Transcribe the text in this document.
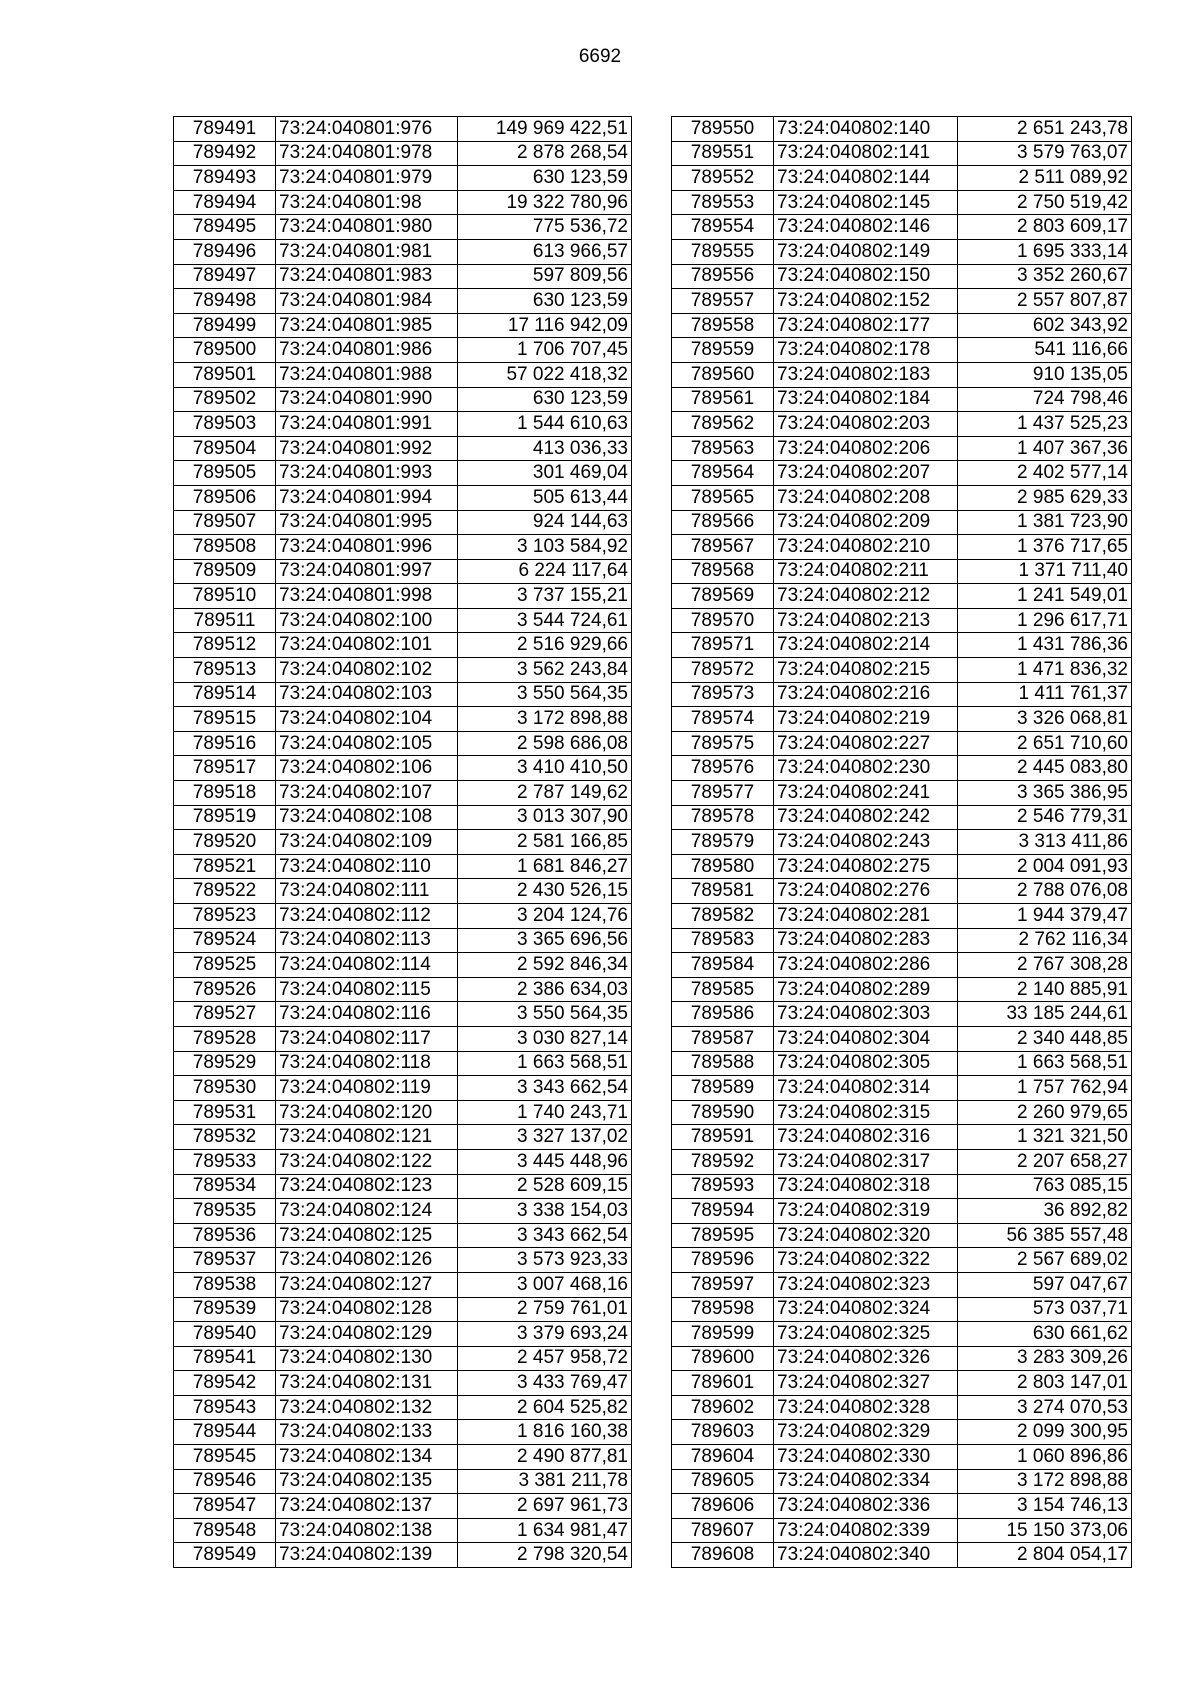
6692
789491	73:24:040801:976	149 969 422,51
789492	73:24:040801:978	2 878 268,54
789493	73:24:040801:979	630 123,59
789494	73:24:040801:98	19 322 780,96
789495	73:24:040801:980	775 536,72
789496	73:24:040801:981	613 966,57
789497	73:24:040801:983	597 809,56
789498	73:24:040801:984	630 123,59
789499	73:24:040801:985	17 116 942,09
789500	73:24:040801:986	1 706 707,45
789501	73:24:040801:988	57 022 418,32
789502	73:24:040801:990	630 123,59
789503	73:24:040801:991	1 544 610,63
789504	73:24:040801:992	413 036,33
789505	73:24:040801:993	301 469,04
789506	73:24:040801:994	505 613,44
789507	73:24:040801:995	924 144,63
789508	73:24:040801:996	3 103 584,92
789509	73:24:040801:997	6 224 117,64
789510	73:24:040801:998	3 737 155,21
789511	73:24:040802:100	3 544 724,61
789512	73:24:040802:101	2 516 929,66
789513	73:24:040802:102	3 562 243,84
789514	73:24:040802:103	3 550 564,35
789515	73:24:040802:104	3 172 898,88
789516	73:24:040802:105	2 598 686,08
789517	73:24:040802:106	3 410 410,50
789518	73:24:040802:107	2 787 149,62
789519	73:24:040802:108	3 013 307,90
789520	73:24:040802:109	2 581 166,85
789521	73:24:040802:110	1 681 846,27
789522	73:24:040802:111	2 430 526,15
789523	73:24:040802:112	3 204 124,76
789524	73:24:040802:113	3 365 696,56
789525	73:24:040802:114	2 592 846,34
789526	73:24:040802:115	2 386 634,03
789527	73:24:040802:116	3 550 564,35
789528	73:24:040802:117	3 030 827,14
789529	73:24:040802:118	1 663 568,51
789530	73:24:040802:119	3 343 662,54
789531	73:24:040802:120	1 740 243,71
789532	73:24:040802:121	3 327 137,02
789533	73:24:040802:122	3 445 448,96
789534	73:24:040802:123	2 528 609,15
789535	73:24:040802:124	3 338 154,03
789536	73:24:040802:125	3 343 662,54
789537	73:24:040802:126	3 573 923,33
789538	73:24:040802:127	3 007 468,16
789539	73:24:040802:128	2 759 761,01
789540	73:24:040802:129	3 379 693,24
789541	73:24:040802:130	2 457 958,72
789542	73:24:040802:131	3 433 769,47
789543	73:24:040802:132	2 604 525,82
789544	73:24:040802:133	1 816 160,38
789545	73:24:040802:134	2 490 877,81
789546	73:24:040802:135	3 381 211,78
789547	73:24:040802:137	2 697 961,73
789548	73:24:040802:138	1 634 981,47
789549	73:24:040802:139	2 798 320,54
789550	73:24:040802:140	2 651 243,78
789551	73:24:040802:141	3 579 763,07
789552	73:24:040802:144	2 511 089,92
789553	73:24:040802:145	2 750 519,42
789554	73:24:040802:146	2 803 609,17
789555	73:24:040802:149	1 695 333,14
789556	73:24:040802:150	3 352 260,67
789557	73:24:040802:152	2 557 807,87
789558	73:24:040802:177	602 343,92
789559	73:24:040802:178	541 116,66
789560	73:24:040802:183	910 135,05
789561	73:24:040802:184	724 798,46
789562	73:24:040802:203	1 437 525,23
789563	73:24:040802:206	1 407 367,36
789564	73:24:040802:207	2 402 577,14
789565	73:24:040802:208	2 985 629,33
789566	73:24:040802:209	1 381 723,90
789567	73:24:040802:210	1 376 717,65
789568	73:24:040802:211	1 371 711,40
789569	73:24:040802:212	1 241 549,01
789570	73:24:040802:213	1 296 617,71
789571	73:24:040802:214	1 431 786,36
789572	73:24:040802:215	1 471 836,32
789573	73:24:040802:216	1 411 761,37
789574	73:24:040802:219	3 326 068,81
789575	73:24:040802:227	2 651 710,60
789576	73:24:040802:230	2 445 083,80
789577	73:24:040802:241	3 365 386,95
789578	73:24:040802:242	2 546 779,31
789579	73:24:040802:243	3 313 411,86
789580	73:24:040802:275	2 004 091,93
789581	73:24:040802:276	2 788 076,08
789582	73:24:040802:281	1 944 379,47
789583	73:24:040802:283	2 762 116,34
789584	73:24:040802:286	2 767 308,28
789585	73:24:040802:289	2 140 885,91
789586	73:24:040802:303	33 185 244,61
789587	73:24:040802:304	2 340 448,85
789588	73:24:040802:305	1 663 568,51
789589	73:24:040802:314	1 757 762,94
789590	73:24:040802:315	2 260 979,65
789591	73:24:040802:316	1 321 321,50
789592	73:24:040802:317	2 207 658,27
789593	73:24:040802:318	763 085,15
789594	73:24:040802:319	36 892,82
789595	73:24:040802:320	56 385 557,48
789596	73:24:040802:322	2 567 689,02
789597	73:24:040802:323	597 047,67
789598	73:24:040802:324	573 037,71
789599	73:24:040802:325	630 661,62
789600	73:24:040802:326	3 283 309,26
789601	73:24:040802:327	2 803 147,01
789602	73:24:040802:328	3 274 070,53
789603	73:24:040802:329	2 099 300,95
789604	73:24:040802:330	1 060 896,86
789605	73:24:040802:334	3 172 898,88
789606	73:24:040802:336	3 154 746,13
789607	73:24:040802:339	15 150 373,06
789608	73:24:040802:340	2 804 054,17
